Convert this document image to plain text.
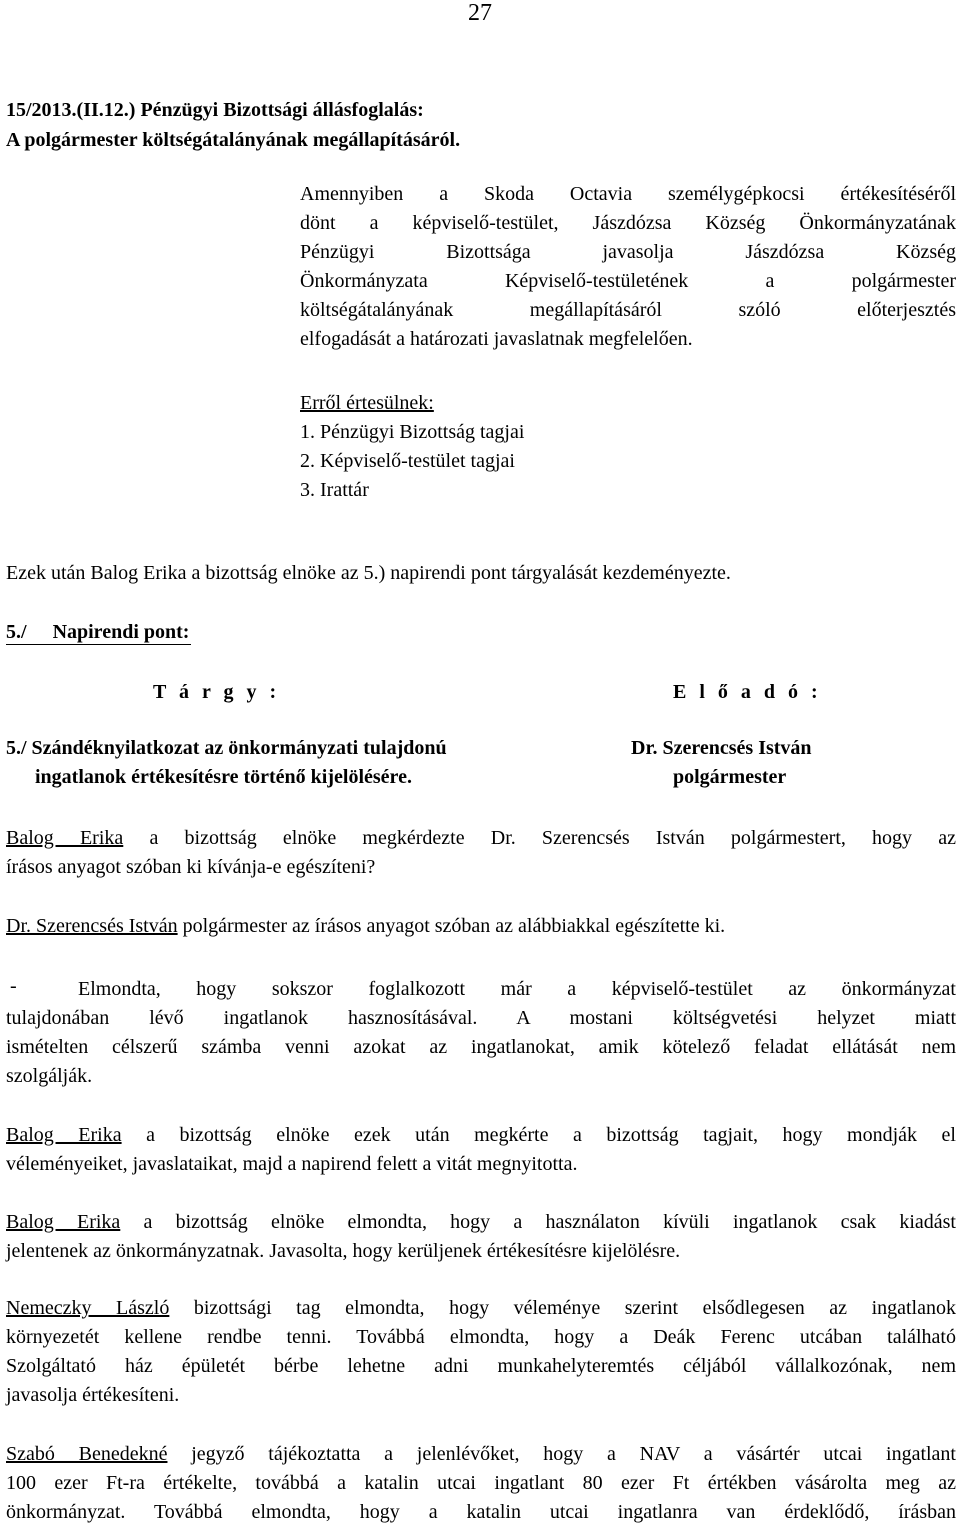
27
15/2013.(II.12.) Pénzügyi Bizottsági állásfoglalás:
A polgármester költségátalányának megállapításáról.

Amennyiben a Skoda Octavia személygépkocsi értékesítéséről

dönt a képviselő-testület, Jászdózsa Község Önkormányzatának

Pénzügyi Bizottsága javasolja Jászdózsa Község

Önkormányzata Képviselő-testületének a polgármester

költségátalányának megállapításáról szóló előterjesztés

elfogadását a határozati javaslatnak megfelelően.

Erről értesülnek:
1. Pénzügyi Bizottság tagjai
2. Képviselő-testület tagjai
3. Irattár
Ezek után Balog Erika a bizottság elnöke az 5.) napirendi pont tárgyalását kezdeményezte.
5./ Napirendi pont:
T á r g y :	E l ő a d ó :
5./ Szándéknyilatkozat az önkormányzati tulajdonú
ingatlanok értékesítésre történő kijelölésére.
Dr. Szerencsés István
polgármester
Balog Erika a bizottság elnöke megkérdezte Dr. Szerencsés István polgármestert, hogy az
írásos anyagot szóban ki kívánja-e egészíteni?
Dr. Szerencsés István polgármester az írásos anyagot szóban az alábbiakkal egészítette ki.
-	Elmondta, hogy sokszor foglalkozott már a képviselő-testület az önkormányzat
tulajdonában lévő ingatlanok hasznosításával. A mostani költségvetési helyzet miatt
ismételten célszerű számba venni azokat az ingatlanokat, amik kötelező feladat ellátását nem
szolgálják.
Balog Erika a bizottság elnöke ezek után megkérte a bizottság tagjait, hogy mondják el
véleményeiket, javaslataikat, majd a napirend felett a vitát megnyitotta.
Balog Erika a bizottság elnöke elmondta, hogy a használaton kívüli ingatlanok csak kiadást
jelentenek az önkormányzatnak. Javasolta, hogy kerüljenek értékesítésre kijelölésre.
Nemeczky László bizottsági tag elmondta, hogy véleménye szerint elsődlegesen az ingatlanok
környezetét kellene rendbe tenni. Továbbá elmondta, hogy a Deák Ferenc utcában található
Szolgáltató ház épületét bérbe lehetne adni munkahelyteremtés céljából vállalkozónak, nem
javasolja értékesíteni.
Szabó Benedekné jegyző tájékoztatta a jelenlévőket, hogy a NAV a vásártér utcai ingatlant
100 ezer Ft-ra értékelte, továbbá a katalin utcai ingatlant 80 ezer Ft értékben vásárolta meg az
önkormányzat. Továbbá elmondta, hogy a katalin utcai ingatlanra van érdeklődő, írásban
